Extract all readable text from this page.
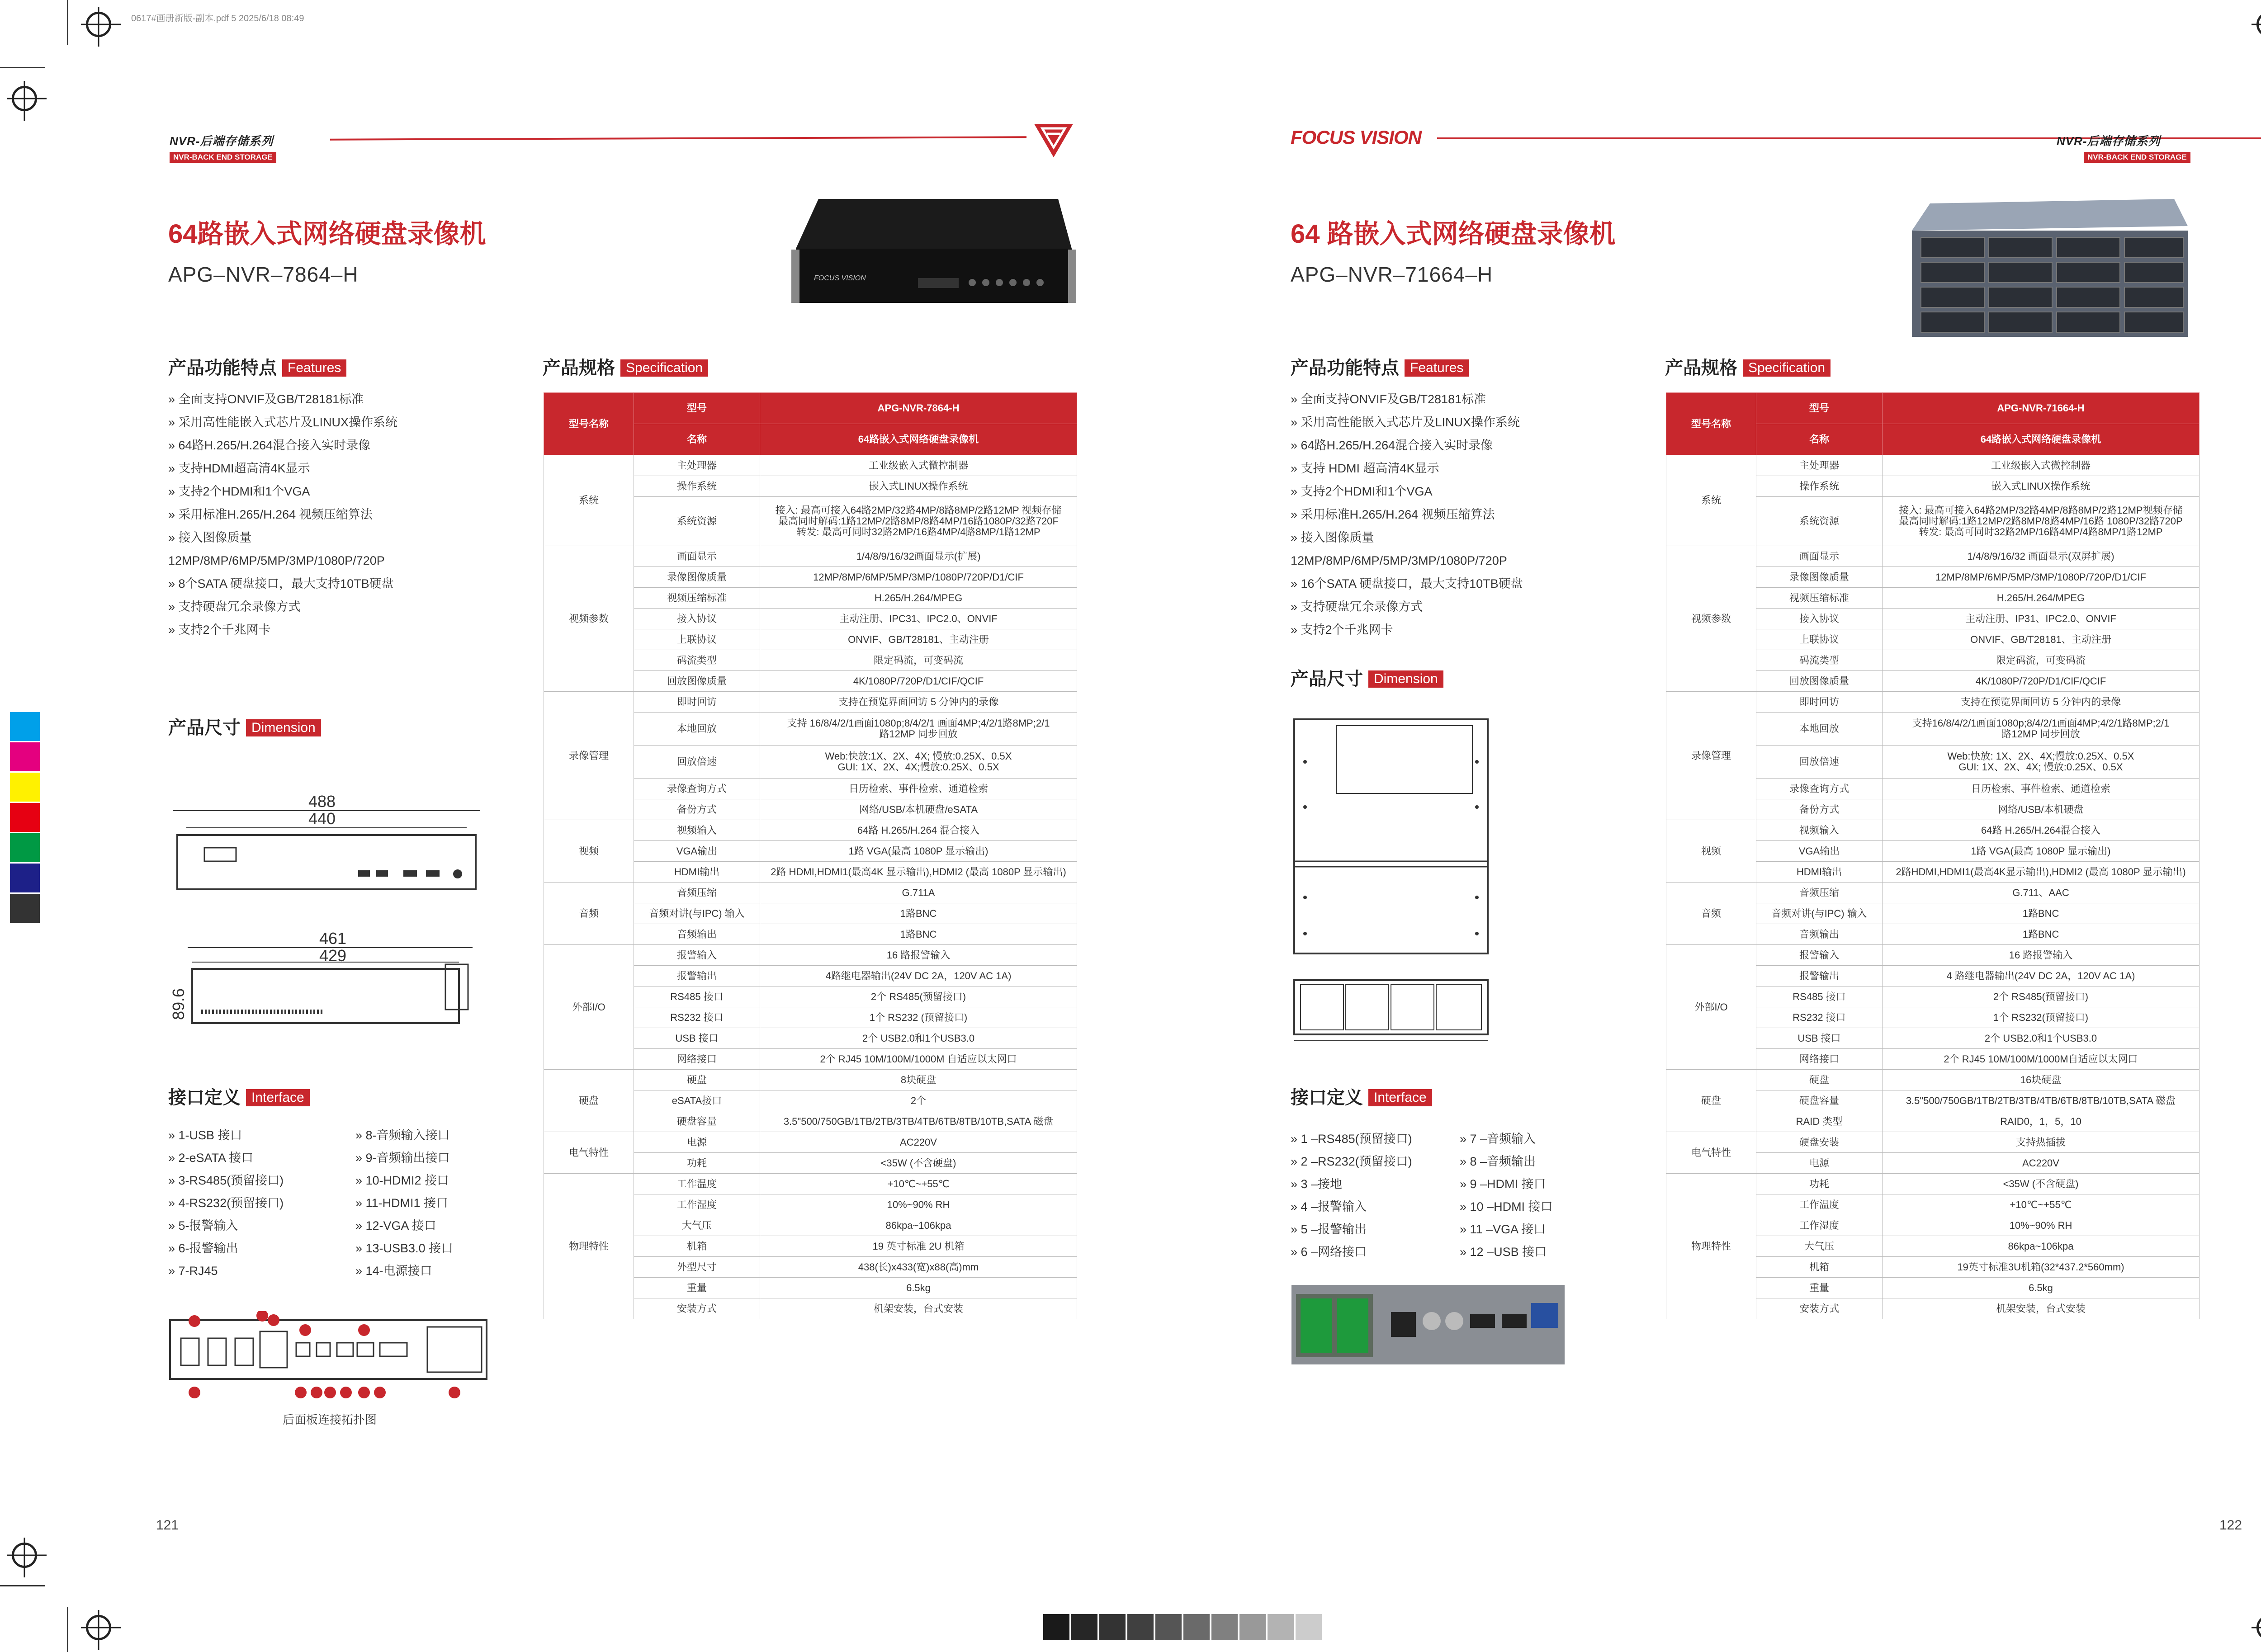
0617#画册新版-副本.pdf 5 2025/6/18 08:49
NVR-后端存储系列
NVR-BACK END STORAGE
64路嵌入式网络硬盘录像机
APG–NVR–7864–H	FOCUS VISION
产品功能特点 Features
» 全面支持ONVIF及GB/T28181标准
» 采用高性能嵌入式芯片及LINUX操作系统
» 64路H.265/H.264混合接入实时录像
» 支持HDMI超高清4K显示
» 支持2个HDMI和1个VGA
» 采用标准H.265/H.264 视频压缩算法
» 接入图像质量
12MP/8MP/6MP/5MP/3MP/1080P/720P
» 8个SATA 硬盘接口，最大支持10TB硬盘
» 支持硬盘冗余录像方式
» 支持2个千兆网卡
产品尺寸 Dimension
488
440
461
429
89.6
接口定义 Interface
» 1-USB 接口
» 2-eSATA 接口
» 3-RS485(预留接口)
» 4-RS232(预留接口)
» 5-报警输入
» 6-报警输出
» 7-RJ45
» 8-音频输入接口
» 9-音频输出接口
» 10-HDMI2 接口
» 11-HDMI1 接口
» 12-VGA 接口
» 13-USB3.0 接口
» 14-电源接口
后面板连接拓扑图
产品规格 Specification
型号名称	型号	APG-NVR-7864-H
	名称	64路嵌入式网络硬盘录像机
系统	主处理器	工业级嵌入式微控制器
	操作系统	嵌入式LINUX操作系统
	系统资源	接入: 最高可接入64路2MP/32路4MP/8路8MP/2路12MP 视频存储
最高同时解码:1路12MP/2路8MP/8路4MP/16路1080P/32路720F
转发: 最高可同时32路2MP/16路4MP/4路8MP/1路12MP
视频参数	画面显示	1/4/8/9/16/32画面显示(扩展)
	录像图像质量	12MP/8MP/6MP/5MP/3MP/1080P/720P/D1/CIF
	视频压缩标准	H.265/H.264/MPEG
	接入协议	主动注册、IPC31、IPC2.0、ONVIF
	上联协议	ONVIF、GB/T28181、主动注册
	码流类型	限定码流，可变码流
	回放图像质量	4K/1080P/720P/D1/CIF/QCIF
录像管理	即时回访	支持在预览界面回访 5 分钟内的录像
	本地回放	支持 16/8/4/2/1画面1080p;8/4/2/1 画面4MP;4/2/1路8MP;2/1
路12MP 同步回放
	回放倍速	Web:快放:1X、2X、4X; 慢放:0.25X、0.5X
GUI: 1X、2X、4X;慢放:0.25X、0.5X
	录像查询方式	日历检索、事件检索、通道检索
	备份方式	网络/USB/本机硬盘/eSATA
视频	视频输入	64路 H.265/H.264 混合接入
	VGA输出	1路 VGA(最高 1080P 显示输出)
	HDMI输出	2路 HDMI,HDMI1(最高4K 显示输出),HDMI2 (最高 1080P 显示输出)
音频	音频压缩	G.711A
	音频对讲(与IPC) 输入	1路BNC
	音频输出	1路BNC
外部I/O	报警输入	16 路报警输入
	报警输出	4路继电器输出(24V DC 2A，120V AC 1A)
	RS485 接口	2个 RS485(预留接口)
	RS232 接口	1个 RS232 (预留接口)
	USB 接口	2个 USB2.0和1个USB3.0
	网络接口	2个 RJ45 10M/100M/1000M 自适应以太网口
硬盘	硬盘	8块硬盘
	eSATA接口	2个
	硬盘容量	3.5"500/750GB/1TB/2TB/3TB/4TB/6TB/8TB/10TB,SATA 磁盘
电气特性	电源	AC220V
	功耗	<35W (不含硬盘)
物理特性	工作温度	+10℃~+55℃
	工作湿度	10%~90% RH
	大气压	86kpa~106kpa
	机箱	19 英寸标准 2U 机箱
	外型尺寸	438(长)x433(宽)x88(高)mm
	重量	6.5kg
	安装方式	机架安装，台式安装
121
FOCUS VISION	NVR-后端存储系列
NVR-BACK END STORAGE
64 路嵌入式网络硬盘录像机
APG–NVR–71664–H
产品功能特点 Features
» 全面支持ONVIF及GB/T28181标准
» 采用高性能嵌入式芯片及LINUX操作系统
» 64路H.265/H.264混合接入实时录像
» 支持 HDMI 超高清4K显示
» 支持2个HDMI和1个VGA
» 采用标准H.265/H.264 视频压缩算法
» 接入图像质量
12MP/8MP/6MP/5MP/3MP/1080P/720P
» 16个SATA 硬盘接口，最大支持10TB硬盘
» 支持硬盘冗余录像方式
» 支持2个千兆网卡
产品尺寸 Dimension
接口定义 Interface
» 1 –RS485(预留接口)
» 2 –RS232(预留接口)
» 3 –接地
» 4 –报警输入
» 5 –报警输出
» 6 –网络接口
» 7 –音频输入
» 8 –音频输出
» 9 –HDMI 接口
» 10 –HDMI 接口
» 11 –VGA 接口
» 12 –USB 接口
产品规格 Specification
型号名称	型号	APG-NVR-71664-H
	名称	64路嵌入式网络硬盘录像机
系统	主处理器	工业级嵌入式微控制器
	操作系统	嵌入式LINUX操作系统
	系统资源	接入: 最高可接入64路2MP/32路4MP/8路8MP/2路12MP视频存储
最高同时解码:1路12MP/2路8MP/8路4MP/16路 1080P/32路720P
转发: 最高可同时32路2MP/16路4MP/4路8MP/1路12MP
视频参数	画面显示	1/4/8/9/16/32 画面显示(双屏扩展)
	录像图像质量	12MP/8MP/6MP/5MP/3MP/1080P/720P/D1/CIF
	视频压缩标准	H.265/H.264/MPEG
	接入协议	主动注册、IP31、IPC2.0、ONVIF
	上联协议	ONVIF、GB/T28181、主动注册
	码流类型	限定码流，可变码流
	回放图像质量	4K/1080P/720P/D1/CIF/QCIF
录像管理	即时回访	支持在预览界面回访 5 分钟内的录像
	本地回放	支持16/8/4/2/1画面1080p;8/4/2/1画面4MP;4/2/1路8MP;2/1
路12MP 同步回放
	回放倍速	Web:快放: 1X、2X、4X;慢放:0.25X、0.5X
GUI: 1X、2X、4X; 慢放:0.25X、0.5X
	录像查询方式	日历检索、事件检索、通道检索
	备份方式	网络/USB/本机硬盘
视频	视频输入	64路 H.265/H.264混合接入
	VGA输出	1路 VGA(最高 1080P 显示输出)
	HDMI输出	2路HDMI,HDMI1(最高4K显示输出),HDMI2 (最高 1080P 显示输出)
音频	音频压缩	G.711、AAC
	音频对讲(与IPC) 输入	1路BNC
	音频输出	1路BNC
外部I/O	报警输入	16 路报警输入
	报警输出	4 路继电器输出(24V DC 2A，120V AC 1A)
	RS485 接口	2个 RS485(预留接口)
	RS232 接口	1个 RS232(预留接口)
	USB 接口	2个 USB2.0和1个USB3.0
	网络接口	2个 RJ45 10M/100M/1000M自适应以太网口
硬盘	硬盘	16块硬盘
	硬盘容量	3.5"500/750GB/1TB/2TB/3TB/4TB/6TB/8TB/10TB,SATA 磁盘
	RAID 类型	RAID0，1，5，10
电气特性	硬盘安装	支持热插拔
	电源	AC220V
物理特性	功耗	<35W (不含硬盘)
	工作温度	+10℃~+55℃
	工作湿度	10%~90% RH
	大气压	86kpa~106kpa
	机箱	19英寸标准3U机箱(32*437.2*560mm)
	重量	6.5kg
	安装方式	机架安装，台式安装
122
